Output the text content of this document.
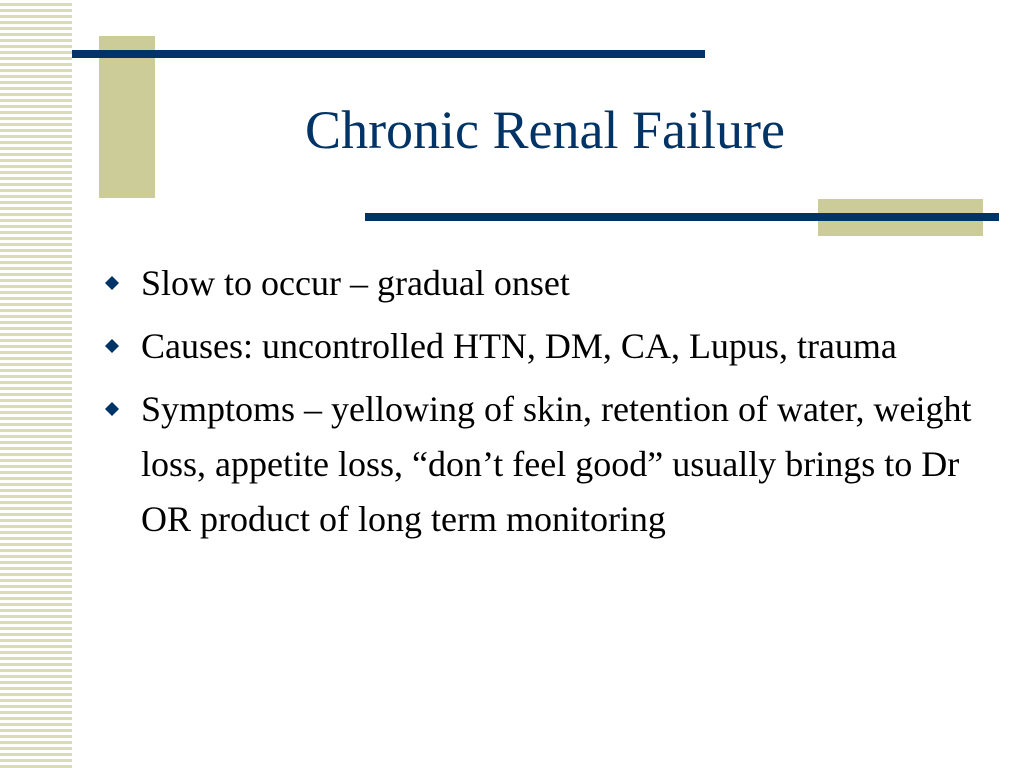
Chronic Renal Failure
Slow to occur – gradual onset
Causes: uncontrolled HTN, DM, CA, Lupus, trauma
Symptoms – yellowing of skin, retention of water, weight loss, appetite loss, “don’t feel good” usually brings to Dr OR product of long term monitoring
